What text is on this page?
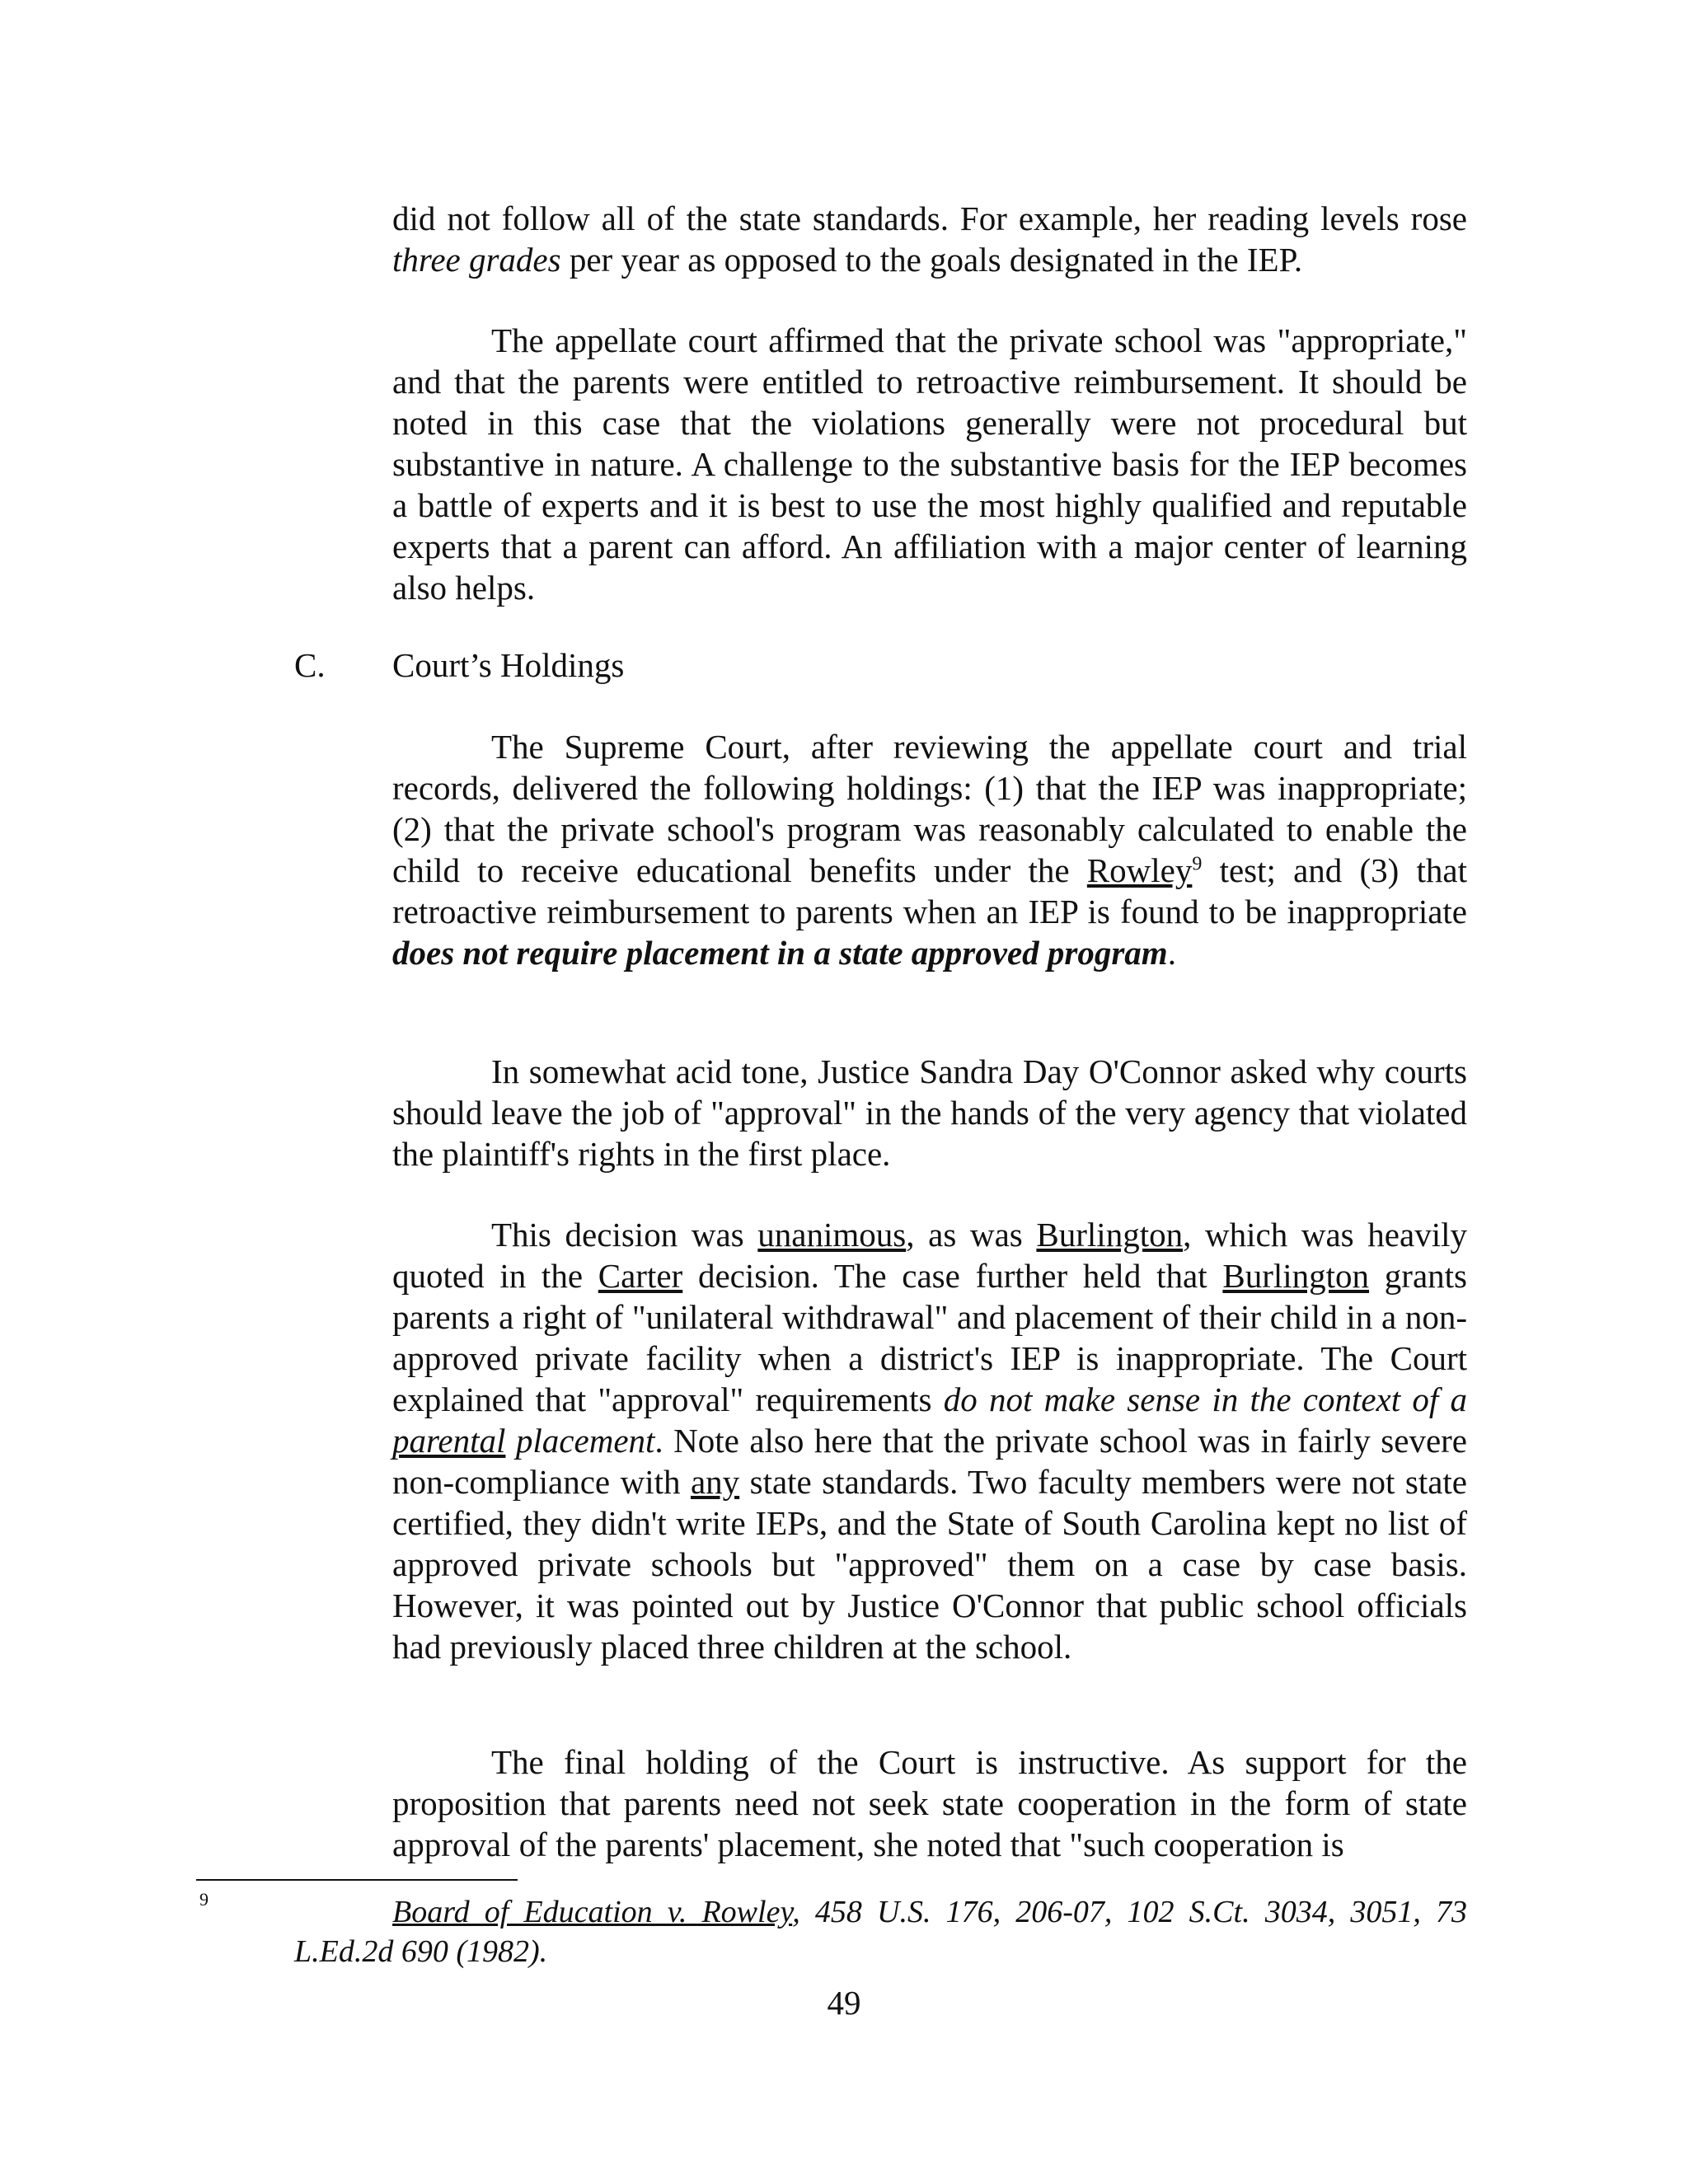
did not follow all of the state standards. For example, her reading levels rose three grades per year as opposed to the goals designated in the IEP.

The appellate court affirmed that the private school was "appropriate," and that the parents were entitled to retroactive reimbursement. It should be noted in this case that the violations generally were not procedural but substantive in nature. A challenge to the substantive basis for the IEP becomes a battle of experts and it is best to use the most highly qualified and reputable experts that a parent can afford. An affiliation with a major center of learning also helps.

C. Court’s Holdings

The Supreme Court, after reviewing the appellate court and trial records, delivered the following holdings: (1) that the IEP was inappropriate; (2) that the private school's program was reasonably calculated to enable the child to receive educational benefits under the Rowley$^9$ test; and (3) that retroactive reimbursement to parents when an IEP is found to be inappropriate does not require placement in a state approved program.

In somewhat acid tone, Justice Sandra Day O'Connor asked why courts should leave the job of "approval" in the hands of the very agency that violated the plaintiff's rights in the first place.

This decision was unanimous, as was Burlington, which was heavily quoted in the Carter decision. The case further held that Burlington grants parents a right of "unilateral withdrawal" and placement of their child in a non-approved private facility when a district's IEP is inappropriate. The Court explained that "approval" requirements do not make sense in the context of a parental placement. Note also here that the private school was in fairly severe non-compliance with any state standards. Two faculty members were not state certified, they didn't write IEPs, and the State of South Carolina kept no list of approved private schools but "approved" them on a case by case basis. However, it was pointed out by Justice O'Connor that public school officials had previously placed three children at the school.

The final holding of the Court is instructive. As support for the proposition that parents need not seek state cooperation in the form of state approval of the parents' placement, she noted that "such cooperation is

9	Board of Education v. Rowley, 458 U.S. 176, 206-07, 102 S.Ct. 3034, 3051, 73 L.Ed.2d 690 (1982).
49
